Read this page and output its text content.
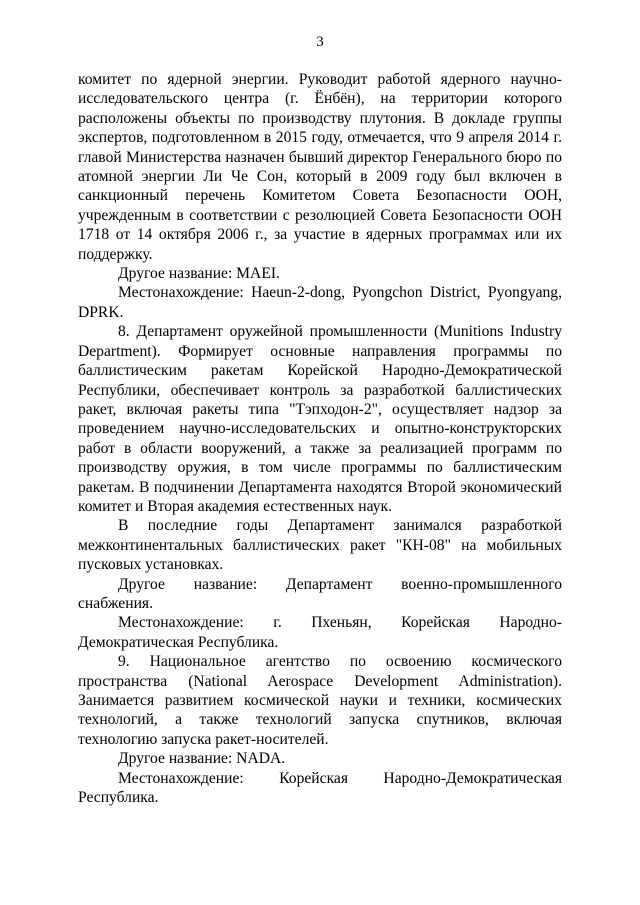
3

комитет по ядерной энергии. Руководит работой ядерного научно-исследовательского центра (г. Ёнбён), на территории которого расположены объекты по производству плутония. В докладе группы экспертов, подготовленном в 2015 году, отмечается, что 9 апреля 2014 г. главой Министерства назначен бывший директор Генерального бюро по атомной энергии Ли Че Сон, который в 2009 году был включен в санкционный перечень Комитетом Совета Безопасности ООН, учрежденным в соответствии с резолюцией Совета Безопасности ООН 1718 от 14 октября 2006 г., за участие в ядерных программах или их поддержку.

Другое название: MAEI.

Местонахождение: Haeun-2-dong, Pyongchon District, Pyongyang, DPRK.

8. Департамент оружейной промышленности (Munitions Industry Department). Формирует основные направления программы по баллистическим ракетам Корейской Народно-Демократической Республики, обеспечивает контроль за разработкой баллистических ракет, включая ракеты типа "Тэпходон-2", осуществляет надзор за проведением научно-исследовательских и опытно-конструкторских работ в области вооружений, а также за реализацией программ по производству оружия, в том числе программы по баллистическим ракетам. В подчинении Департамента находятся Второй экономический комитет и Вторая академия естественных наук.

В последние годы Департамент занимался разработкой межконтинентальных баллистических ракет "КН-08" на мобильных пусковых установках.

Другое название: Департамент военно-промышленного снабжения.

Местонахождение: г. Пхеньян, Корейская Народно-Демократическая Республика.

9. Национальное агентство по освоению космического пространства (National Aerospace Development Administration). Занимается развитием космической науки и техники, космических технологий, а также технологий запуска спутников, включая технологию запуска ракет-носителей.

Другое название: NADA.

Местонахождение: Корейская Народно-Демократическая Республика.
